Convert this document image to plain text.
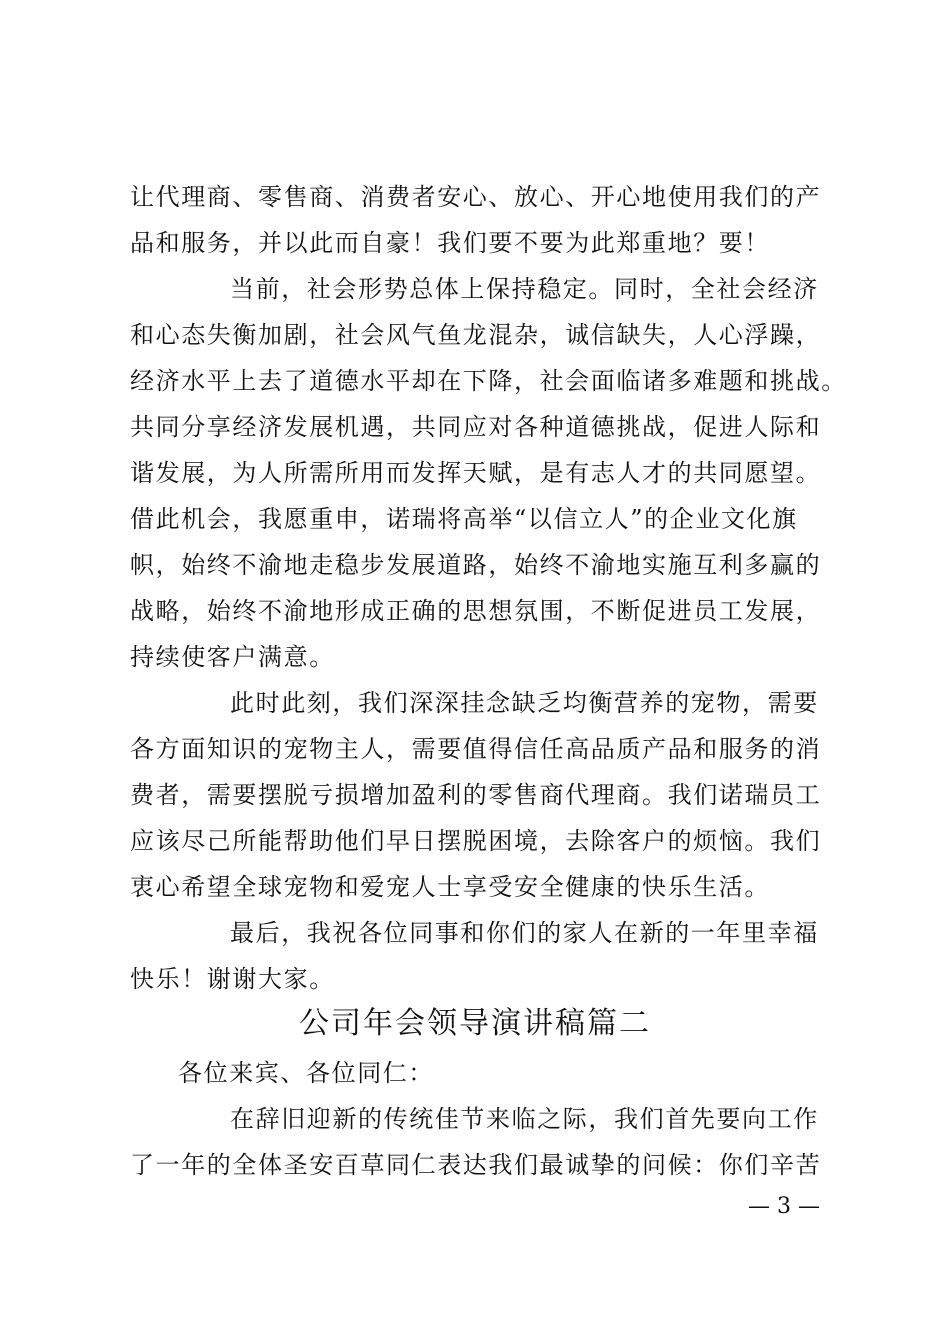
让代理商、零售商、消费者安心、放心、开心地使用我们的产
品和服务，并以此而自豪！我们要不要为此郑重地？要！
当前，社会形势总体上保持稳定。同时，全社会经济
和心态失衡加剧，社会风气鱼龙混杂，诚信缺失，人心浮躁，
经济水平上去了道德水平却在下降，社会面临诸多难题和挑战。
共同分享经济发展机遇，共同应对各种道德挑战，促进人际和
谐发展，为人所需所用而发挥天赋，是有志人才的共同愿望。
借此机会，我愿重申，诺瑞将高举“以信立人”的企业文化旗
帜，始终不渝地走稳步发展道路，始终不渝地实施互利多赢的
战略，始终不渝地形成正确的思想氛围，不断促进员工发展，
持续使客户满意。
此时此刻，我们深深挂念缺乏均衡营养的宠物，需要
各方面知识的宠物主人，需要值得信任高品质产品和服务的消
费者，需要摆脱亏损增加盈利的零售商代理商。我们诺瑞员工
应该尽己所能帮助他们早日摆脱困境，去除客户的烦恼。我们
衷心希望全球宠物和爱宠人士享受安全健康的快乐生活。
最后，我祝各位同事和你们的家人在新的一年里幸福
快乐！谢谢大家。
公司年会领导演讲稿篇二
各位来宾、各位同仁：
在辞旧迎新的传统佳节来临之际，我们首先要向工作
了一年的全体圣安百草同仁表达我们最诚挚的问候：你们辛苦
— 3 —
